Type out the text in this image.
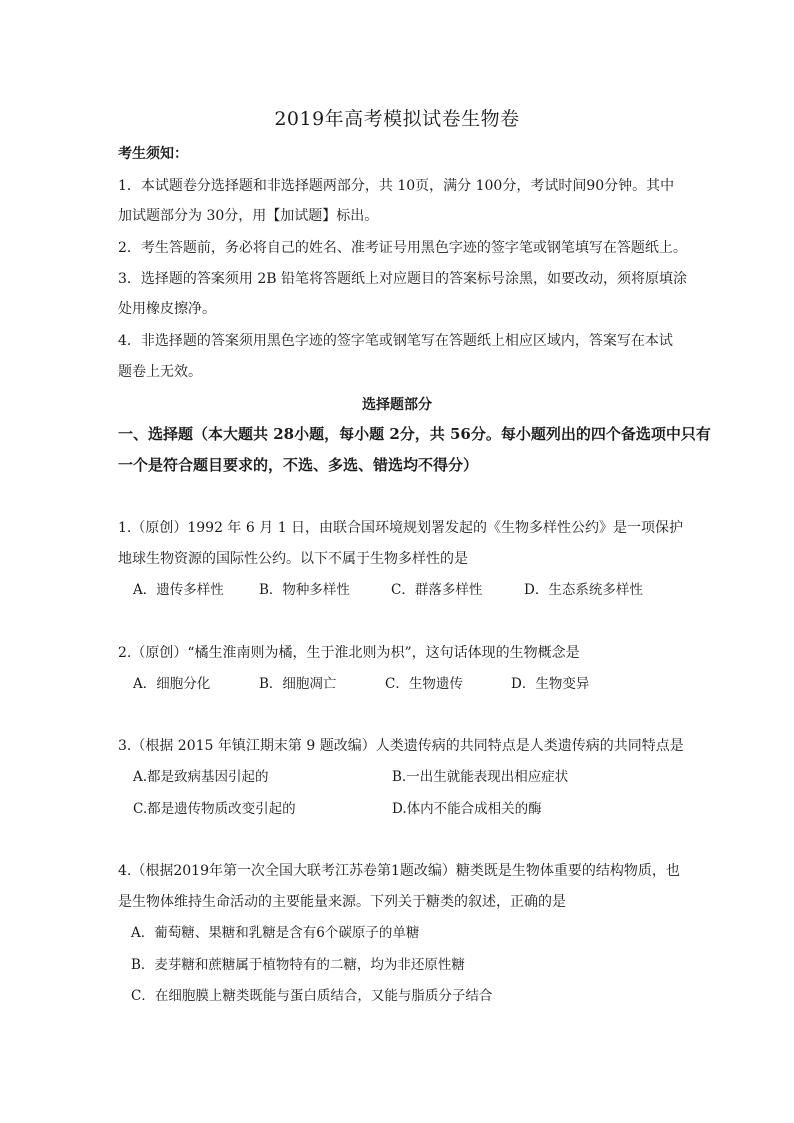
2019年高考模拟试卷生物卷
考生须知：
1．本试题卷分选择题和非选择题两部分，共 10页，满分 100分，考试时间90分钟。其中
加试题部分为 30分，用【加试题】标出。
2．考生答题前，务必将自己的姓名、准考证号用黑色字迹的签字笔或钢笔填写在答题纸上。
3．选择题的答案须用 2B 铅笔将答题纸上对应题目的答案标号涂黑，如要改动，须将原填涂
处用橡皮擦净。
4．非选择题的答案须用黑色字迹的签字笔或钢笔写在答题纸上相应区域内，答案写在本试
题卷上无效。
选择题部分
一、选择题（本大题共 28小题，每小题 2分，共 56分。每小题列出的四个备选项中只有
一个是符合题目要求的，不选、多选、错选均不得分）
1.（原创）1992 年 6 月 1 日，由联合国环境规划署发起的《生物多样性公约》是一项保护
地球生物资源的国际性公约。以下不属于生物多样性的是
A．遗传多样性	B．物种多样性	C．群落多样性	D．生态系统多样性
2.（原创）“橘生淮南则为橘，生于淮北则为枳”，这句话体现的生物概念是
A．细胞分化	B．细胞凋亡	C．生物遗传	D．生物变异
3.（根据 2015 年镇江期末第 9 题改编）人类遗传病的共同特点是人类遗传病的共同特点是
A.都是致病基因引起的	B.一出生就能表现出相应症状
C.都是遗传物质改变引起的	D.体内不能合成相关的酶
4.（根据2019年第一次全国大联考江苏卷第1题改编）糖类既是生物体重要的结构物质，也
是生物体维持生命活动的主要能量来源。下列关于糖类的叙述，正确的是
A．葡萄糖、果糖和乳糖是含有6个碳原子的单糖
B．麦芽糖和蔗糖属于植物特有的二糖，均为非还原性糖
C．在细胞膜上糖类既能与蛋白质结合，又能与脂质分子结合
